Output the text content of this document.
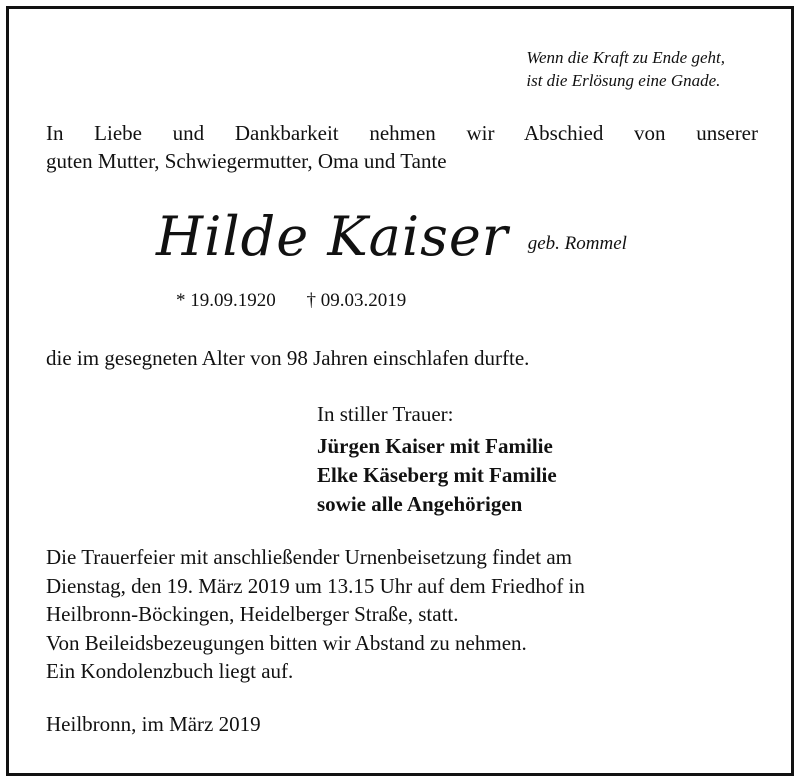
Wenn die Kraft zu Ende geht,
ist die Erlösung eine Gnade.
In Liebe und Dankbarkeit nehmen wir Abschied von unserer
guten Mutter, Schwiegermutter, Oma und Tante
Hilde Kaiser geb. Rommel
* 19.09.1920 † 09.03.2019
die im gesegneten Alter von 98 Jahren einschlafen durfte.
In stiller Trauer:
Jürgen Kaiser mit Familie
Elke Käseberg mit Familie
sowie alle Angehörigen
Die Trauerfeier mit anschließender Urnenbeisetzung findet am
Dienstag, den 19. März 2019 um 13.15 Uhr auf dem Friedhof in
Heilbronn-Böckingen, Heidelberger Straße, statt.
Von Beileidsbezeugungen bitten wir Abstand zu nehmen.
Ein Kondolenzbuch liegt auf.
Heilbronn, im März 2019
